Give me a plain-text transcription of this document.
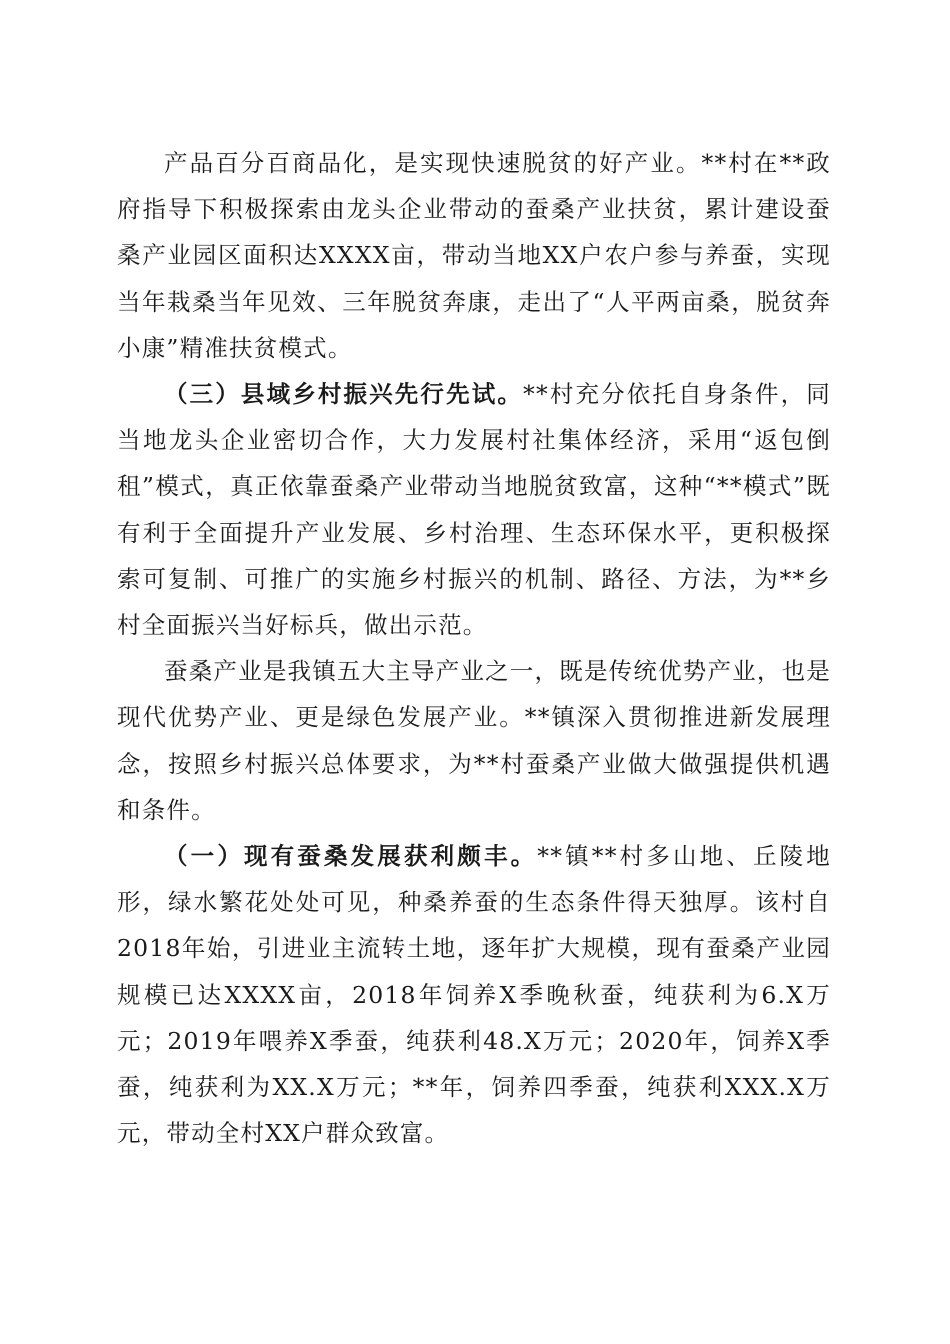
产品百分百商品化，是实现快速脱贫的好产业。**村在**政府指导下积极探索由龙头企业带动的蚕桑产业扶贫，累计建设蚕桑产业园区面积达XXXX亩，带动当地XX户农户参与养蚕，实现当年栽桑当年见效、三年脱贫奔康，走出了“人平两亩桑，脱贫奔小康”精准扶贫模式。

（三）县域乡村振兴先行先试。**村充分依托自身条件，同当地龙头企业密切合作，大力发展村社集体经济，采用“返包倒租”模式，真正依靠蚕桑产业带动当地脱贫致富，这种“**模式”既有利于全面提升产业发展、乡村治理、生态环保水平，更积极探索可复制、可推广的实施乡村振兴的机制、路径、方法，为**乡村全面振兴当好标兵，做出示范。

蚕桑产业是我镇五大主导产业之一，既是传统优势产业，也是现代优势产业、更是绿色发展产业。**镇深入贯彻推进新发展理念，按照乡村振兴总体要求，为**村蚕桑产业做大做强提供机遇和条件。

（一）现有蚕桑发展获利颇丰。**镇**村多山地、丘陵地形，绿水繁花处处可见，种桑养蚕的生态条件得天独厚。该村自2018年始，引进业主流转土地，逐年扩大规模，现有蚕桑产业园规模已达XXXX亩，2018年饲养X季晚秋蚕，纯获利为6.X万元；2019年喂养X季蚕，纯获利48.X万元；2020年，饲养X季蚕，纯获利为XX.X万元；**年，饲养四季蚕，纯获利XXX.X万元，带动全村XX户群众致富。
